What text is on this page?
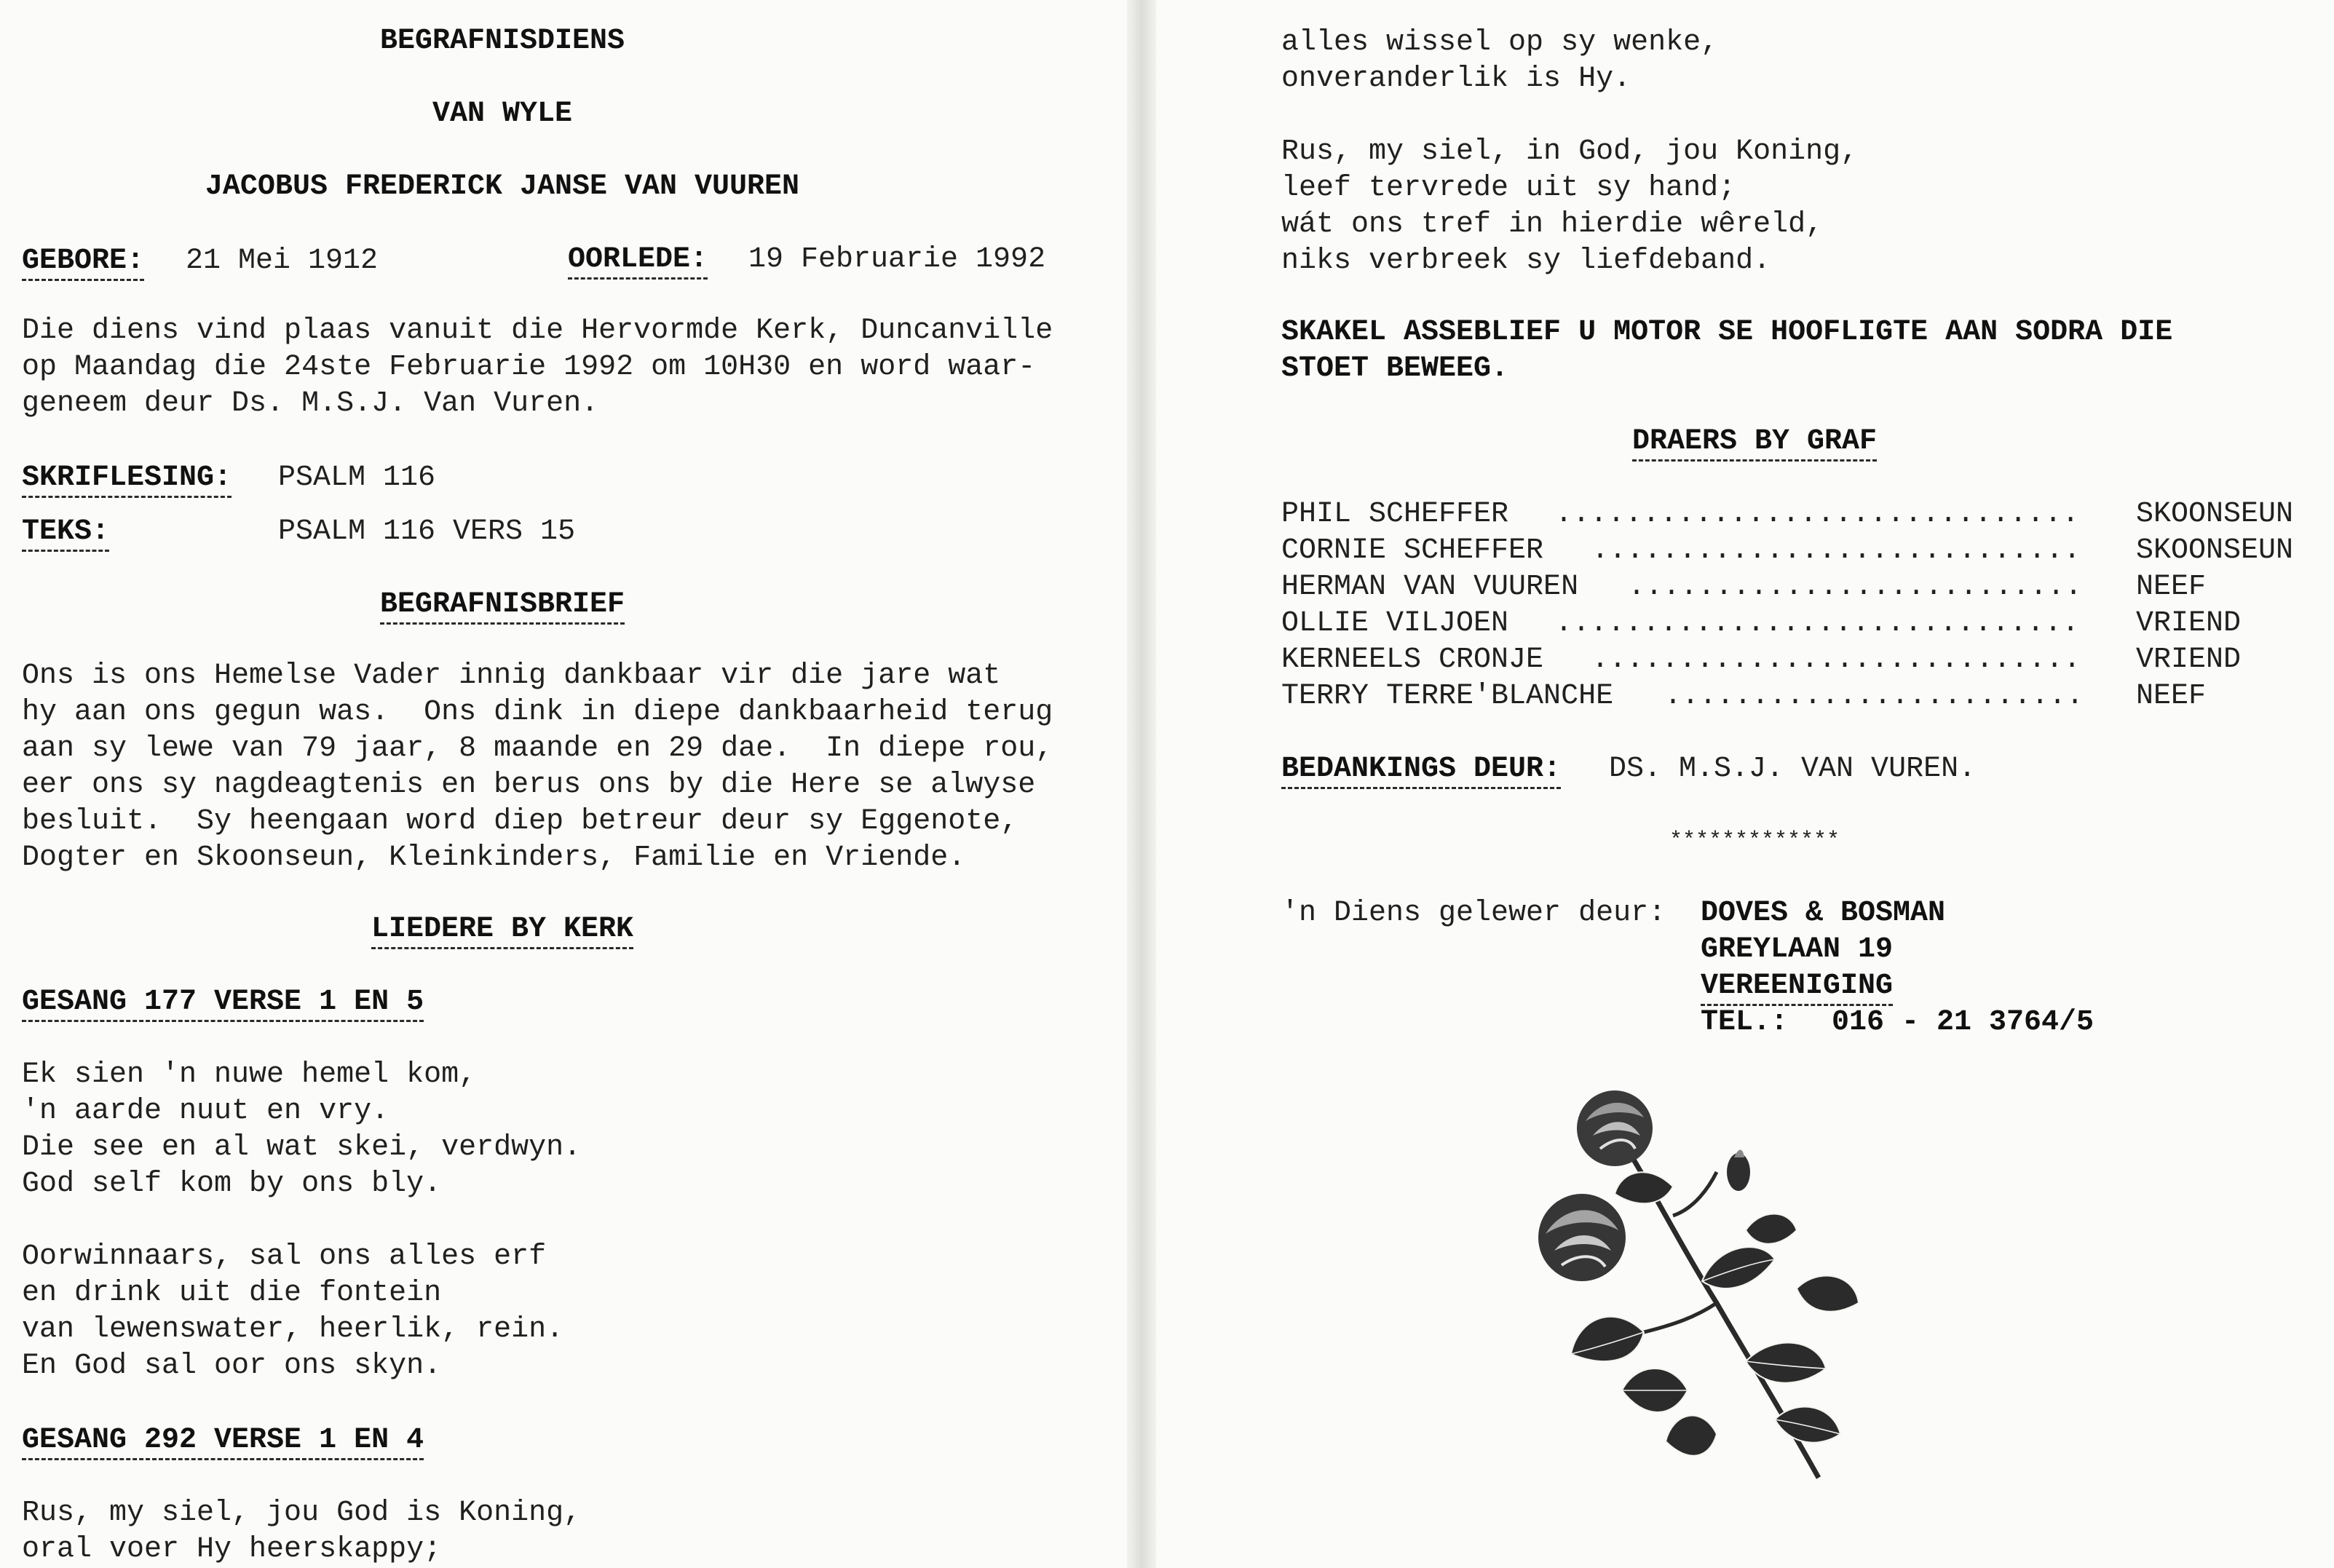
BEGRAFNISDIENS
VAN WYLE
JACOBUS FREDERICK JANSE VAN VUUREN
GEBORE: 21 Mei 1912	OORLEDE: 19 Februarie 1992
Die diens vind plaas vanuit die Hervormde Kerk, Duncanville
op Maandag die 24ste Februarie 1992 om 10H30 en word waar-
geneem deur Ds. M.S.J. Van Vuren.
SKRIFLESING: PSALM 116
TEKS:	PSALM 116 VERS 15
BEGRAFNISBRIEF
Ons is ons Hemelse Vader innig dankbaar vir die jare wat
hy aan ons gegun was.  Ons dink in diepe dankbaarheid terug
aan sy lewe van 79 jaar, 8 maande en 29 dae.  In diepe rou,
eer ons sy nagdeagtenis en berus ons by die Here se alwyse
besluit.  Sy heengaan word diep betreur deur sy Eggenote,
Dogter en Skoonseun, Kleinkinders, Familie en Vriende.
LIEDERE BY KERK
GESANG 177 VERSE 1 EN 5
Ek sien 'n nuwe hemel kom,
'n aarde nuut en vry.
Die see en al wat skei, verdwyn.
God self kom by ons bly.
Oorwinnaars, sal ons alles erf
en drink uit die fontein
van lewenswater, heerlik, rein.
En God sal oor ons skyn.
GESANG 292 VERSE 1 EN 4
Rus, my siel, jou God is Koning,
oral voer Hy heerskappy;
alles wissel op sy wenke,
onveranderlik is Hy.
Rus, my siel, in God, jou Koning,
leef tervrede uit sy hand;
wát ons tref in hierdie wêreld,
niks verbreek sy liefdeband.
SKAKEL ASSEBLIEF U MOTOR SE HOOFLIGTE AAN SODRA DIE
STOET BEWEEG.
DRAERS BY GRAF
PHIL SCHEFFER .............................. SKOONSEUN
CORNIE SCHEFFER ............................ SKOONSEUN
HERMAN VAN VUUREN .......................... NEEF
OLLIE VILJOEN .............................. VRIEND
KERNEELS CRONJE ............................ VRIEND
TERRY TERRE'BLANCHE ........................ NEEF
BEDANKINGS DEUR: DS. M.S.J. VAN VUREN.
*************
'n Diens gelewer deur: DOVES & BOSMAN
GREYLAAN 19
VEREENIGING
TEL.: 016 - 21 3764/5
